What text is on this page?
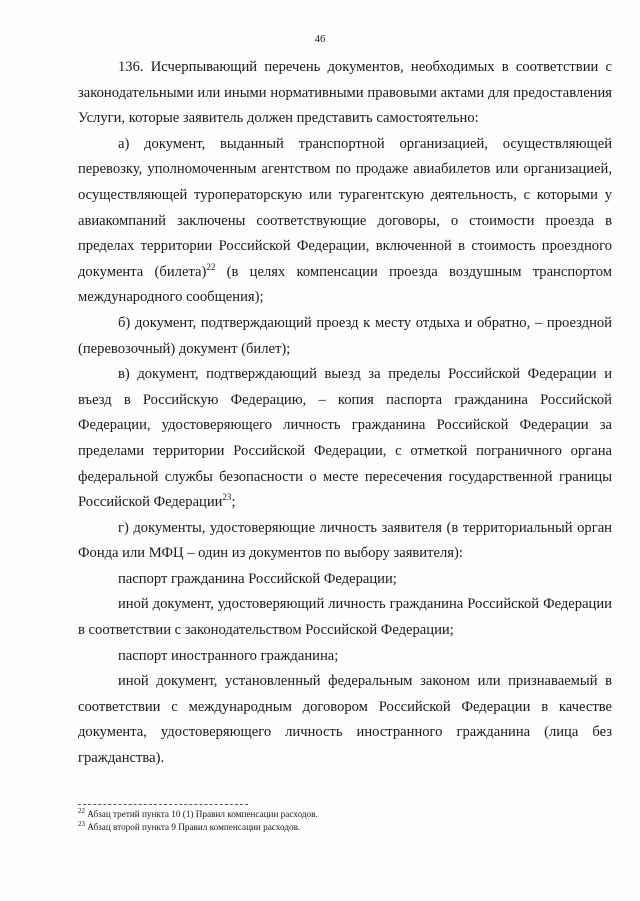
46

136. Исчерпывающий перечень документов, необходимых в соответствии с законодательными или иными нормативными правовыми актами для предоставления Услуги, которые заявитель должен представить самостоятельно:

а) документ, выданный транспортной организацией, осуществляющей перевозку, уполномоченным агентством по продаже авиабилетов или организацией, осуществляющей туроператорскую или турагентскую деятельность, с которыми у авиакомпаний заключены соответствующие договоры, о стоимости проезда в пределах территории Российской Федерации, включенной в стоимость проездного документа (билета)$^{22}$ (в целях компенсации проезда воздушным транспортом международного сообщения);

б) документ, подтверждающий проезд к месту отдыха и обратно, – проездной (перевозочный) документ (билет);

в) документ, подтверждающий выезд за пределы Российской Федерации и въезд в Российскую Федерацию, – копия паспорта гражданина Российской Федерации, удостоверяющего личность гражданина Российской Федерации за пределами территории Российской Федерации, с отметкой пограничного органа федеральной службы безопасности о месте пересечения государственной границы Российской Федерации$^{23}$;

г) документы, удостоверяющие личность заявителя (в территориальный орган Фонда или МФЦ – один из документов по выбору заявителя):

паспорт гражданина Российской Федерации;

иной документ, удостоверяющий личность гражданина Российской Федерации в соответствии с законодательством Российской Федерации;

паспорт иностранного гражданина;

иной документ, установленный федеральным законом или признаваемый в соответствии с международным договором Российской Федерации в качестве документа, удостоверяющего личность иностранного гражданина (лица без гражданства).

$^{22}$ Абзац третий пункта 10 (1) Правил компенсации расходов.
$^{23}$ Абзац второй пункта 9 Правил компенсации расходов.
